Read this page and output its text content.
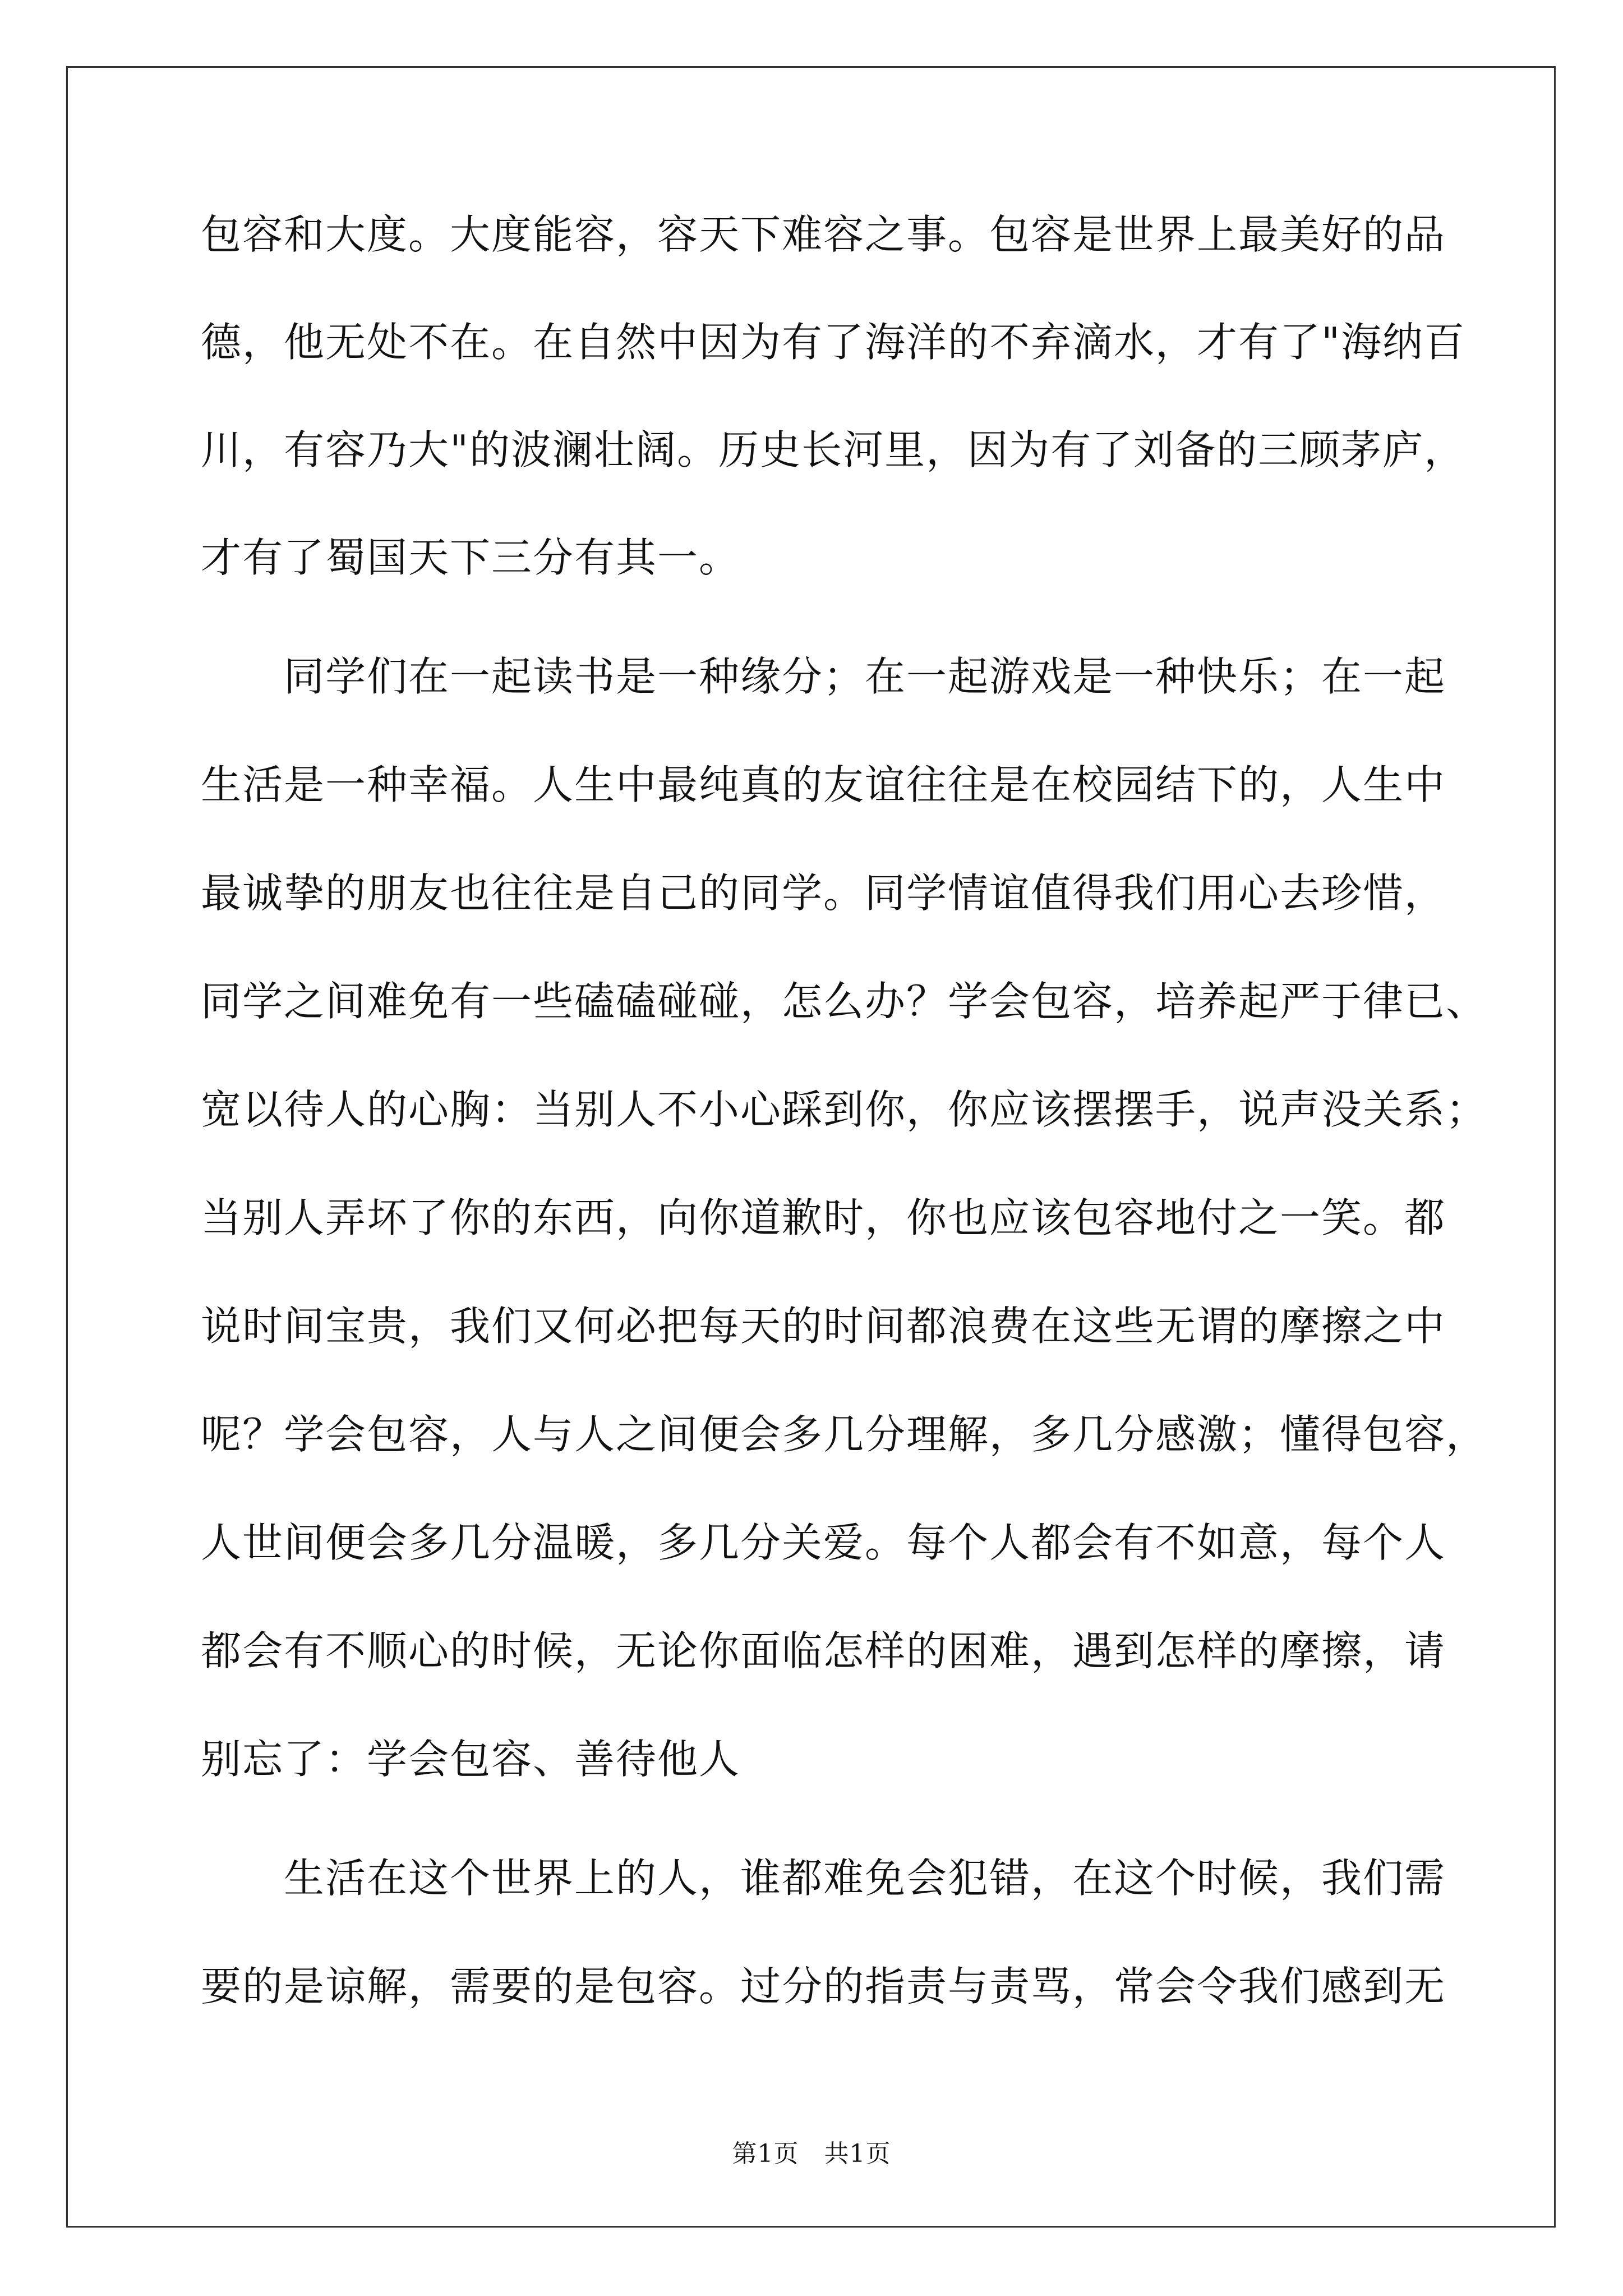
包容和大度。大度能容，容天下难容之事。包容是世界上最美好的品
德，他无处不在。在自然中因为有了海洋的不弃滴水，才有了"海纳百
川，有容乃大"的波澜壮阔。历史长河里，因为有了刘备的三顾茅庐，
才有了蜀国天下三分有其一。
　　同学们在一起读书是一种缘分；在一起游戏是一种快乐；在一起
生活是一种幸福。人生中最纯真的友谊往往是在校园结下的，人生中
最诚挚的朋友也往往是自己的同学。同学情谊值得我们用心去珍惜，
同学之间难免有一些磕磕碰碰，怎么办？学会包容，培养起严于律已、
宽以待人的心胸：当别人不小心踩到你，你应该摆摆手，说声没关系；
当别人弄坏了你的东西，向你道歉时，你也应该包容地付之一笑。都
说时间宝贵，我们又何必把每天的时间都浪费在这些无谓的摩擦之中
呢？学会包容，人与人之间便会多几分理解，多几分感激；懂得包容，
人世间便会多几分温暖，多几分关爱。每个人都会有不如意，每个人
都会有不顺心的时候，无论你面临怎样的困难，遇到怎样的摩擦，请
别忘了：学会包容、善待他人
　　生活在这个世界上的人，谁都难免会犯错，在这个时候，我们需
要的是谅解，需要的是包容。过分的指责与责骂，常会令我们感到无
第1页　共1页
